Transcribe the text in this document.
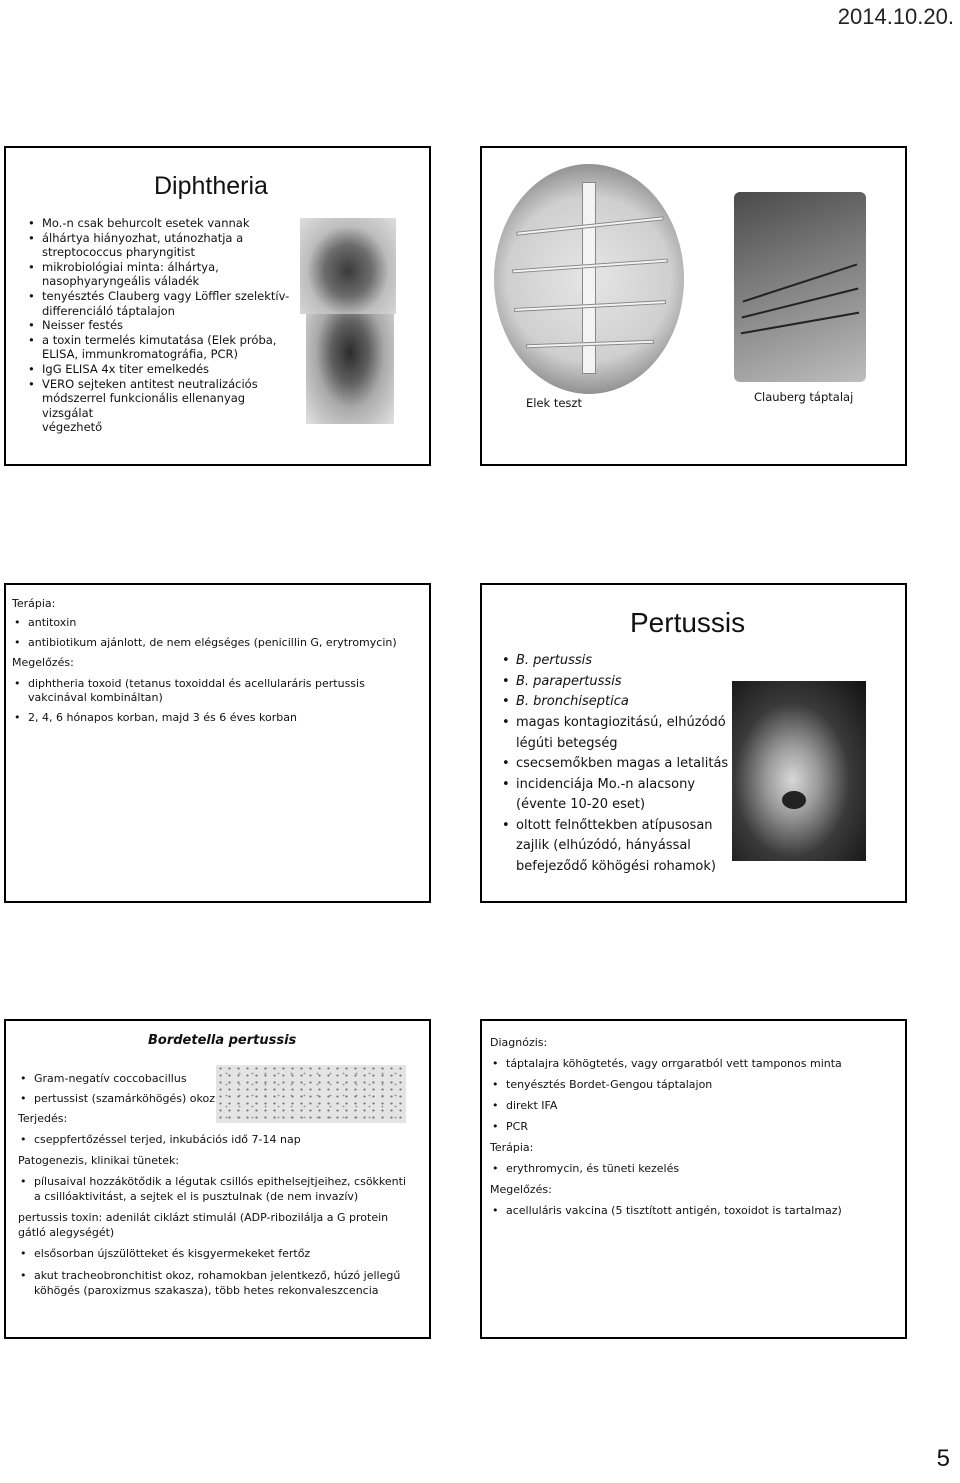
2014.10.20.
Diphtheria
• Mo.-n csak behurcolt esetek vannak
• álhártya hiányozhat, utánozhatja a
streptococcus pharyngitist
• mikrobiológiai minta: álhártya,
nasophyaryngeális váladék
• tenyésztés Clauberg vagy Löffler szelektív-
differenciáló táptalajon
• Neisser festés
• a toxin termelés kimutatása (Elek próba,
ELISA, immunkromatográfia, PCR)
• IgG ELISA 4x titer emelkedés
• VERO sejteken antitest neutralizációs
módszerrel funkcionális ellenanyag vizsgálat
végezhető
Elek teszt	Clauberg táptalaj

Terápia:

• antitoxin
• antibiotikum ajánlott, de nem elégséges (penicillin G, erytromycin)

Megelőzés:

• diphtheria toxoid (tetanus toxoiddal és acellularáris pertussis
vakcinával kombináltan)
• 2, 4, 6 hónapos korban, majd 3 és 6 éves korban
Pertussis
• B. pertussis
• B. parapertussis
• B. bronchiseptica
• magas kontagiozitású, elhúzódó
légúti betegség
• csecsemőkben magas a letalitás
• incidenciája Mo.-n alacsony
(évente 10-20 eset)
• oltott felnőttekben atípusosan
zajlik (elhúzódó, hányással
befejeződő köhögési rohamok)
Bordetella pertussis
• Gram-negatív coccobacillus
• pertussist (szamárköhögés) okoz

Terjedés:

• cseppfertőzéssel terjed, inkubációs idő 7-14 nap

Patogenezis, klinikai tünetek:

• pílusaival hozzákötődik a légutak csillós epithelsejtjeihez, csökkenti
a csillóaktivitást, a sejtek el is pusztulnak (de nem invazív)

pertussis toxin: adenilát ciklázt stimulál (ADP-ribozilálja a G protein
gátló alegységét)

• elsősorban újszülötteket és kisgyermekeket fertőz
• akut tracheobronchitist okoz, rohamokban jelentkező, húzó jellegű
köhögés (paroxizmus szakasza), több hetes rekonvaleszcencia

Diagnózis:

• táptalajra köhögtetés, vagy orrgaratból vett tamponos minta
• tenyésztés Bordet-Gengou táptalajon
• direkt IFA
• PCR

Terápia:

• erythromycin, és tüneti kezelés

Megelőzés:

• acelluláris vakcina (5 tisztított antigén, toxoidot is tartalmaz)
5
